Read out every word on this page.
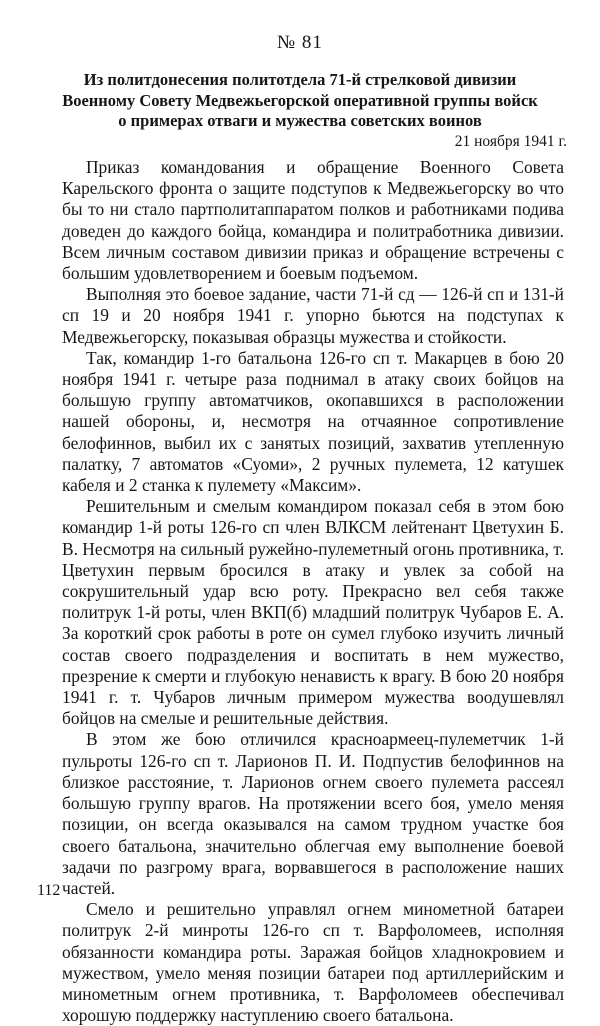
№ 81
Из политдонесения политотдела 71-й стрелковой дивизии
Военному Совету Медвежьегорской оперативной группы войск
о примерах отваги и мужества советских воинов

21 ноября 1941 г.

Приказ командования и обращение Военного Совета Карельского фронта о защите подступов к Медвежьегорску во что бы то ни стало партполитаппаратом полков и работниками подива доведен до каждого бойца, командира и политработника дивизии. Всем личным составом дивизии приказ и обращение встречены с большим удовлетворением и боевым подъемом.

Выполняя это боевое задание, части 71-й сд — 126-й сп и 131-й сп 19 и 20 ноября 1941 г. упорно бьются на подступах к Медвежьегорску, показывая образцы мужества и стойкости.

Так, командир 1-го батальона 126-го сп т. Макарцев в бою 20 ноября 1941 г. четыре раза поднимал в атаку своих бойцов на большую группу автоматчиков, окопавшихся в расположении нашей обороны, и, несмотря на отчаянное сопротивление белофиннов, выбил их с занятых позиций, захватив утепленную палатку, 7 автоматов «Суоми», 2 ручных пулемета, 12 катушек кабеля и 2 станка к пулемету «Максим».

Решительным и смелым командиром показал себя в этом бою командир 1-й роты 126-го сп член ВЛКСМ лейтенант Цветухин Б. В. Несмотря на сильный ружейно-пулеметный огонь противника, т. Цветухин первым бросился в атаку и увлек за собой на сокрушительный удар всю роту. Прекрасно вел себя также политрук 1-й роты, член ВКП(б) младший политрук Чубаров Е. А. За короткий срок работы в роте он сумел глубоко изучить личный состав своего подразделения и воспитать в нем мужество, презрение к смерти и глубокую ненависть к врагу. В бою 20 ноября 1941 г. т. Чубаров личным примером мужества воодушевлял бойцов на смелые и решительные действия.

В этом же бою отличился красноармеец-пулеметчик 1-й пульроты 126-го сп т. Ларионов П. И. Подпустив белофиннов на близкое расстояние, т. Ларионов огнем своего пулемета рассеял большую группу врагов. На протяжении всего боя, умело меняя позиции, он всегда оказывался на самом трудном участке боя своего батальона, значительно облегчая ему выполнение боевой задачи по разгрому врага, ворвавшегося в расположение наших частей.

Смело и решительно управлял огнем минометной батареи политрук 2-й минроты 126-го сп т. Варфоломеев, исполняя обязанности командира роты. Заражая бойцов хладнокровием и мужеством, умело меняя позиции батареи под артиллерийским и минометным огнем противника, т. Варфоломеев обеспечивал хорошую поддержку наступлению своего батальона.

112
